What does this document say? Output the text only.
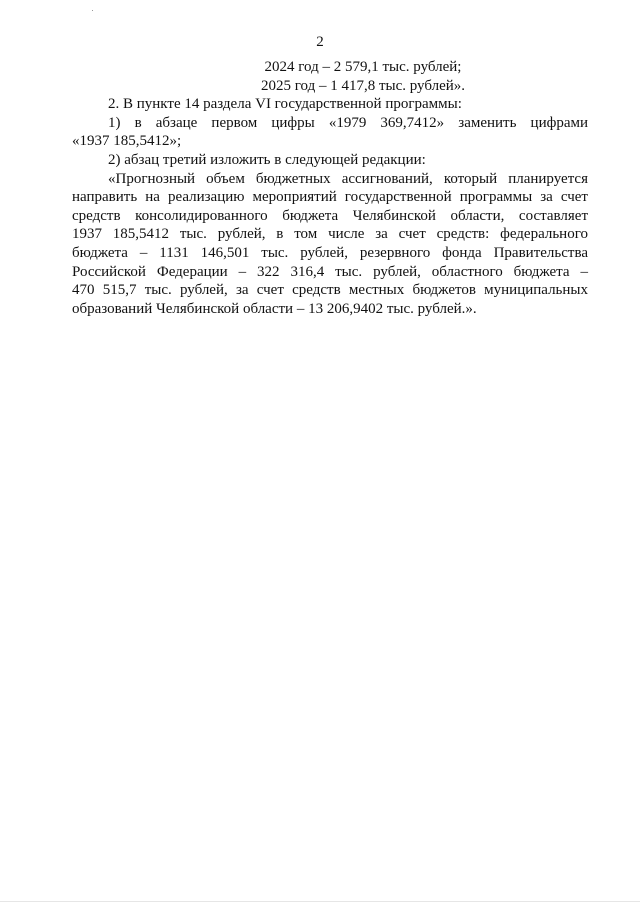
2
2024 год – 2 579,1 тыс. рублей;
2025 год – 1 417,8 тыс. рублей».
2. В пункте 14 раздела VI государственной программы:
1) в абзаце первом цифры «1979 369,7412» заменить цифрами
«1937 185,5412»;
2) абзац третий изложить в следующей редакции:
«Прогнозный объем бюджетных ассигнований, который планируется
направить на реализацию мероприятий государственной программы за счет
средств консолидированного бюджета Челябинской области, составляет
1937 185,5412 тыс. рублей, в том числе за счет средств: федерального
бюджета – 1131 146,501 тыс. рублей, резервного фонда Правительства
Российской Федерации – 322 316,4 тыс. рублей, областного бюджета –
470 515,7 тыс. рублей, за счет средств местных бюджетов муниципальных
образований Челябинской области – 13 206,9402 тыс. рублей.».
